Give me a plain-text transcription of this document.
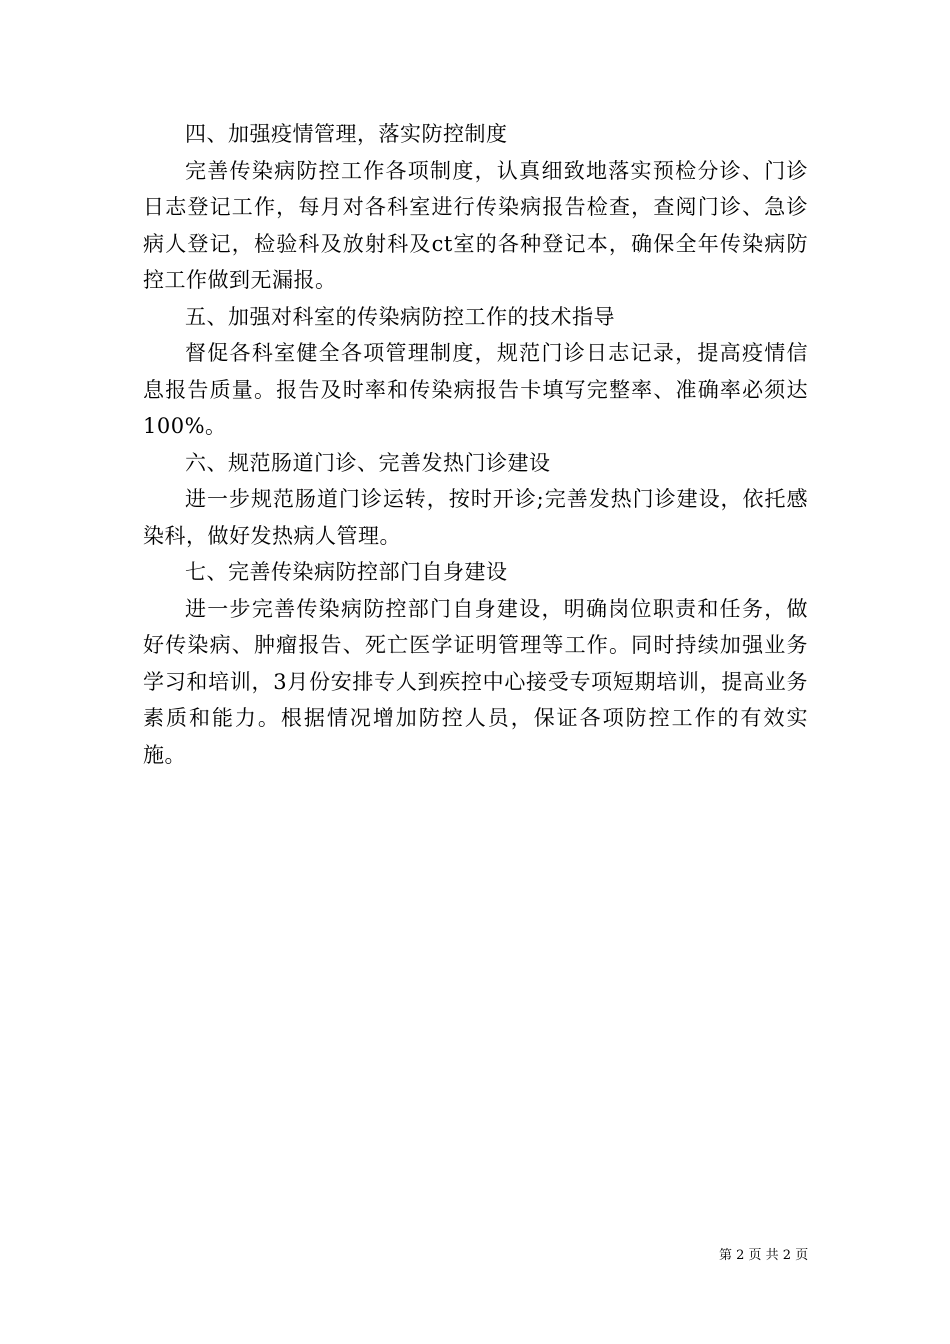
四、加强疫情管理，落实防控制度

完善传染病防控工作各项制度，认真细致地落实预检分诊、门诊日志登记工作，每月对各科室进行传染病报告检查，查阅门诊、急诊病人登记，检验科及放射科及ct室的各种登记本，确保全年传染病防控工作做到无漏报。

五、加强对科室的传染病防控工作的技术指导

督促各科室健全各项管理制度，规范门诊日志记录，提高疫情信息报告质量。报告及时率和传染病报告卡填写完整率、准确率必须达100%。

六、规范肠道门诊、完善发热门诊建设

进一步规范肠道门诊运转，按时开诊;完善发热门诊建设，依托感染科，做好发热病人管理。

七、完善传染病防控部门自身建设

进一步完善传染病防控部门自身建设，明确岗位职责和任务，做好传染病、肿瘤报告、死亡医学证明管理等工作。同时持续加强业务学习和培训，3月份安排专人到疾控中心接受专项短期培训，提高业务素质和能力。根据情况增加防控人员，保证各项防控工作的有效实施。

第 2 页 共 2 页
